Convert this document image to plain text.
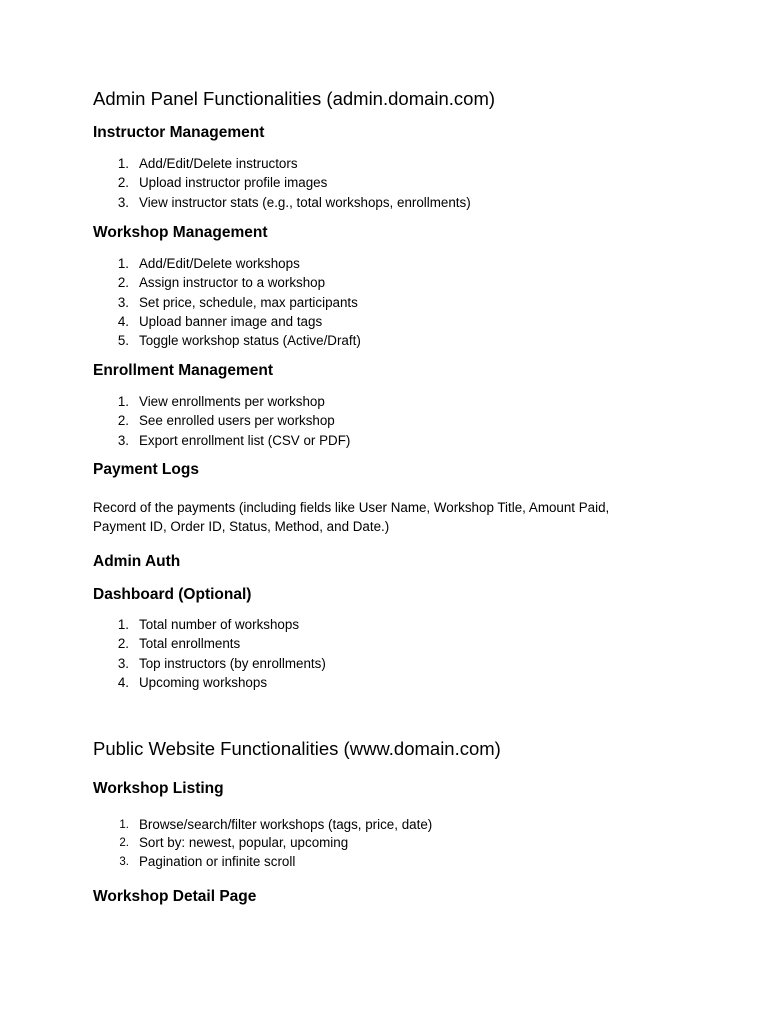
Admin Panel Functionalities (admin.domain.com)
Instructor Management
1. Add/Edit/Delete instructors
2. Upload instructor profile images
3. View instructor stats (e.g., total workshops, enrollments)
Workshop Management
1. Add/Edit/Delete workshops
2. Assign instructor to a workshop
3. Set price, schedule, max participants
4. Upload banner image and tags
5. Toggle workshop status (Active/Draft)
Enrollment Management
1. View enrollments per workshop
2. See enrolled users per workshop
3. Export enrollment list (CSV or PDF)
Payment Logs

Record of the payments (including fields like User Name, Workshop Title, Amount Paid, Payment ID, Order ID, Status, Method, and Date.)

Admin Auth
Dashboard (Optional)
1. Total number of workshops
2. Total enrollments
3. Top instructors (by enrollments)
4. Upcoming workshops
Public Website Functionalities (www.domain.com)
Workshop Listing
1. Browse/search/filter workshops (tags, price, date)
2. Sort by: newest, popular, upcoming
3. Pagination or infinite scroll
Workshop Detail Page
